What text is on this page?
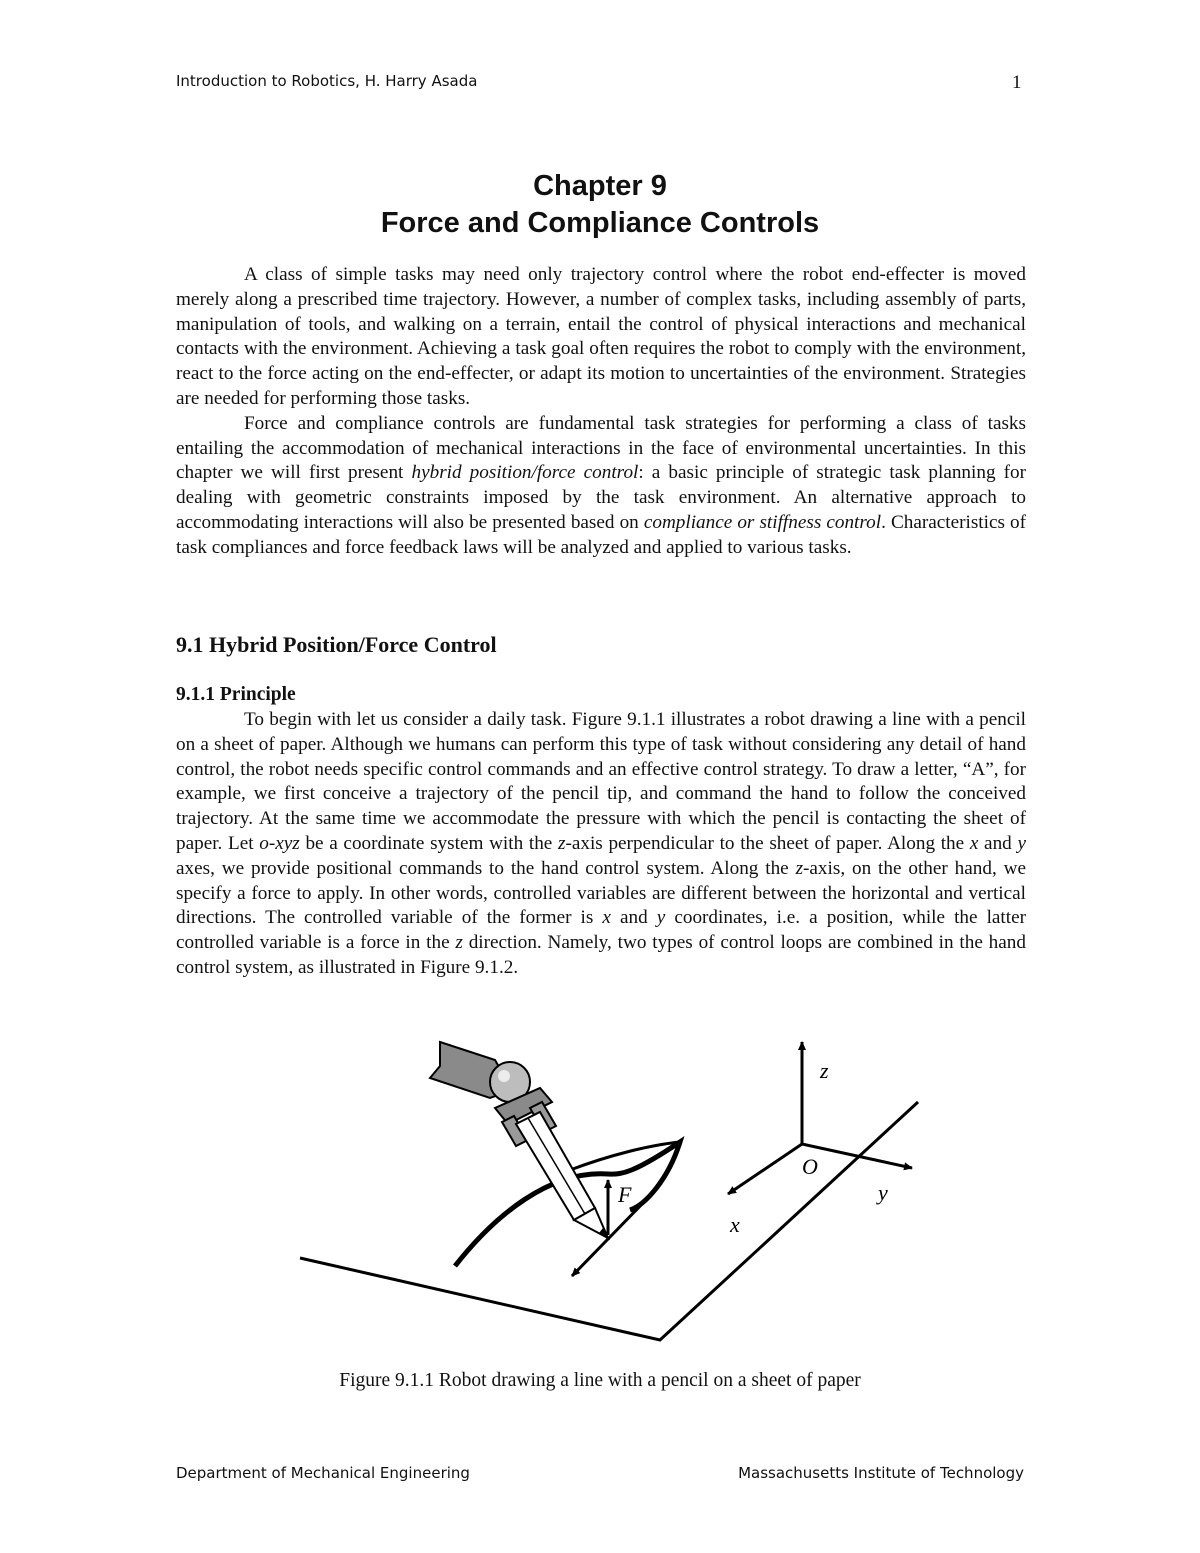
Introduction to Robotics, H. Harry Asada	1
Chapter 9
Force and Compliance Controls

A class of simple tasks may need only trajectory control where the robot end-effecter is moved merely along a prescribed time trajectory. However, a number of complex tasks, including assembly of parts, manipulation of tools, and walking on a terrain, entail the control of physical interactions and mechanical contacts with the environment. Achieving a task goal often requires the robot to comply with the environment, react to the force acting on the end-effecter, or adapt its motion to uncertainties of the environment. Strategies are needed for performing those tasks.

Force and compliance controls are fundamental task strategies for performing a class of tasks entailing the accommodation of mechanical interactions in the face of environmental uncertainties. In this chapter we will first present hybrid position/force control: a basic principle of strategic task planning for dealing with geometric constraints imposed by the task environment. An alternative approach to accommodating interactions will also be presented based on compliance or stiffness control. Characteristics of task compliances and force feedback laws will be analyzed and applied to various tasks.

9.1 Hybrid Position/Force Control
9.1.1 Principle

To begin with let us consider a daily task. Figure 9.1.1 illustrates a robot drawing a line with a pencil on a sheet of paper. Although we humans can perform this type of task without considering any detail of hand control, the robot needs specific control commands and an effective control strategy. To draw a letter, “A”, for example, we first conceive a trajectory of the pencil tip, and command the hand to follow the conceived trajectory. At the same time we accommodate the pressure with which the pencil is contacting the sheet of paper. Let o-xyz be a coordinate system with the z-axis perpendicular to the sheet of paper. Along the x and y axes, we provide positional commands to the hand control system. Along the z-axis, on the other hand, we specify a force to apply. In other words, controlled variables are different between the horizontal and vertical directions. The controlled variable of the former is x and y coordinates, i.e. a position, while the latter controlled variable is a force in the z direction. Namely, two types of control loops are combined in the hand control system, as illustrated in Figure 9.1.2.

F
z
O
y
x
Figure 9.1.1 Robot drawing a line with a pencil on a sheet of paper
Department of Mechanical Engineering	Massachusetts Institute of Technology
